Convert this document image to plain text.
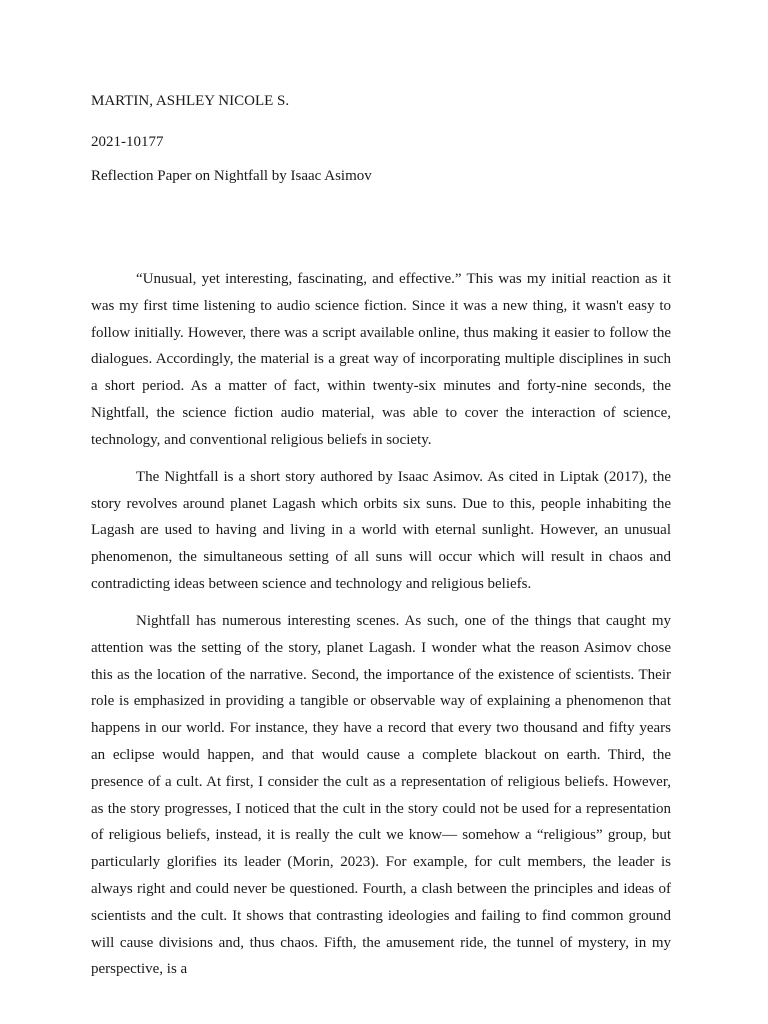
MARTIN, ASHLEY NICOLE S.
2021-10177
Reflection Paper on Nightfall by Isaac Asimov

“Unusual, yet interesting, fascinating, and effective.” This was my initial reaction as it was my first time listening to audio science fiction. Since it was a new thing, it wasn't easy to follow initially. However, there was a script available online, thus making it easier to follow the dialogues. Accordingly, the material is a great way of incorporating multiple disciplines in such a short period. As a matter of fact, within twenty-six minutes and forty-nine seconds, the Nightfall, the science fiction audio material, was able to cover the interaction of science, technology, and conventional religious beliefs in society.

The Nightfall is a short story authored by Isaac Asimov. As cited in Liptak (2017), the story revolves around planet Lagash which orbits six suns. Due to this, people inhabiting the Lagash are used to having and living in a world with eternal sunlight. However, an unusual phenomenon, the simultaneous setting of all suns will occur which will result in chaos and contradicting ideas between science and technology and religious beliefs.

Nightfall has numerous interesting scenes. As such, one of the things that caught my attention was the setting of the story, planet Lagash. I wonder what the reason Asimov chose this as the location of the narrative. Second, the importance of the existence of scientists. Their role is emphasized in providing a tangible or observable way of explaining a phenomenon that happens in our world. For instance, they have a record that every two thousand and fifty years an eclipse would happen, and that would cause a complete blackout on earth. Third, the presence of a cult. At first, I consider the cult as a representation of religious beliefs. However, as the story progresses, I noticed that the cult in the story could not be used for a representation of religious beliefs, instead, it is really the cult we know— somehow a “religious” group, but particularly glorifies its leader (Morin, 2023). For example, for cult members, the leader is always right and could never be questioned. Fourth, a clash between the principles and ideas of scientists and the cult. It shows that contrasting ideologies and failing to find common ground will cause divisions and, thus chaos. Fifth, the amusement ride, the tunnel of mystery, in my perspective, is a
